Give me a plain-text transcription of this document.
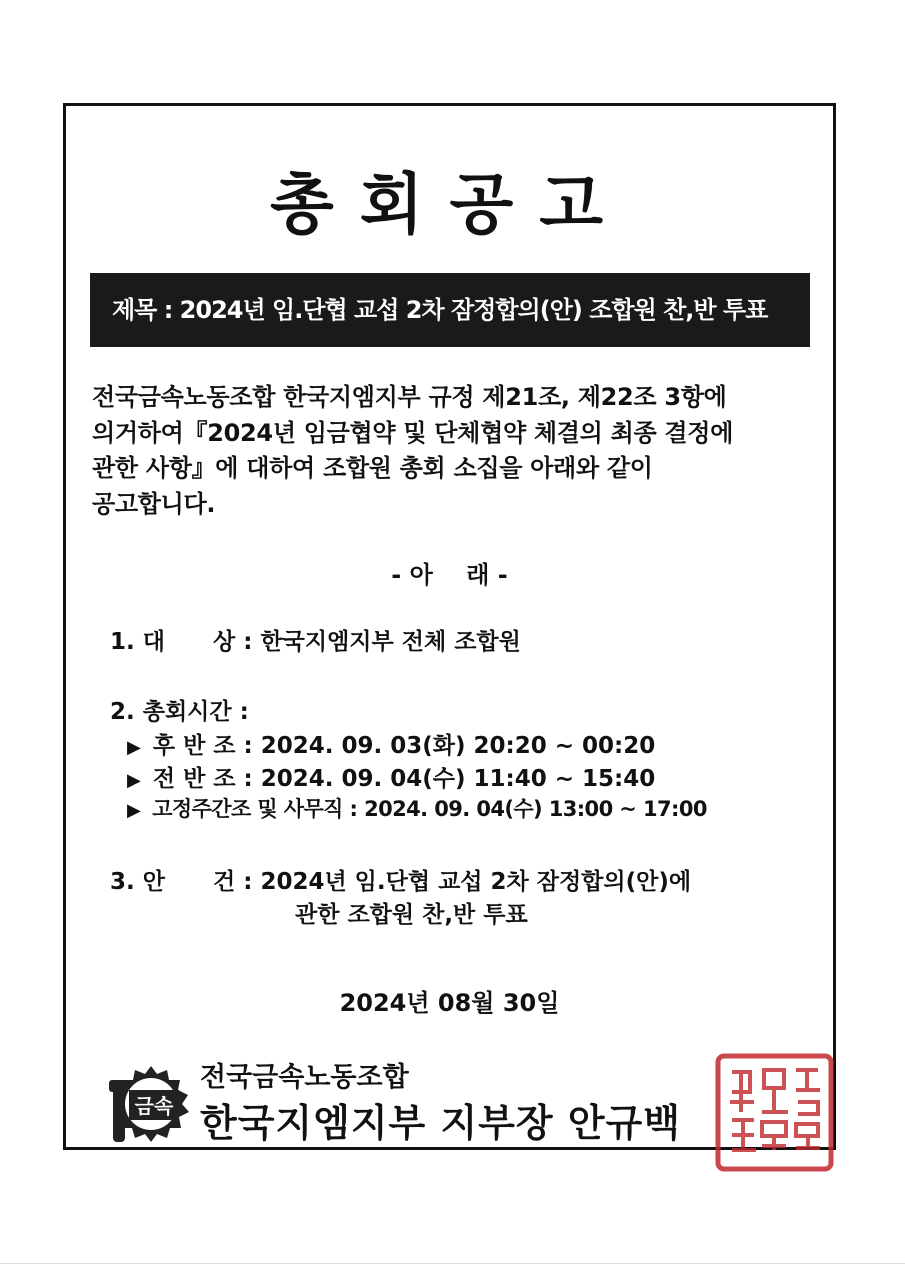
총회공고
제목 : 2024년 임.단협 교섭 2차 잠정합의(안) 조합원 찬,반 투표
전국금속노동조합 한국지엠지부 규정 제21조, 제22조 3항에
의거하여『2024년 임금협약 및 단체협약 체결의 최종 결정에
관한 사항』에 대하여 조합원 총회 소집을 아래와 같이
공고합니다.
- 아    래 -
1. 대      상 : 한국지엠지부 전체 조합원
2. 총회시간 :
▶ 후 반 조 : 2024. 09. 03(화) 20:20 ~ 00:20
▶ 전 반 조 : 2024. 09. 04(수) 11:40 ~ 15:40
▶ 고정주간조 및 사무직 : 2024. 09. 04(수) 13:00 ~ 17:00
3. 안      건 : 2024년 임.단협 교섭 2차 잠정합의(안)에
관한 조합원 찬,반 투표
2024년 08월 30일
금속
전국금속노동조합
한국지엠지부 지부장 안규백
한국지엠지부지부장인
